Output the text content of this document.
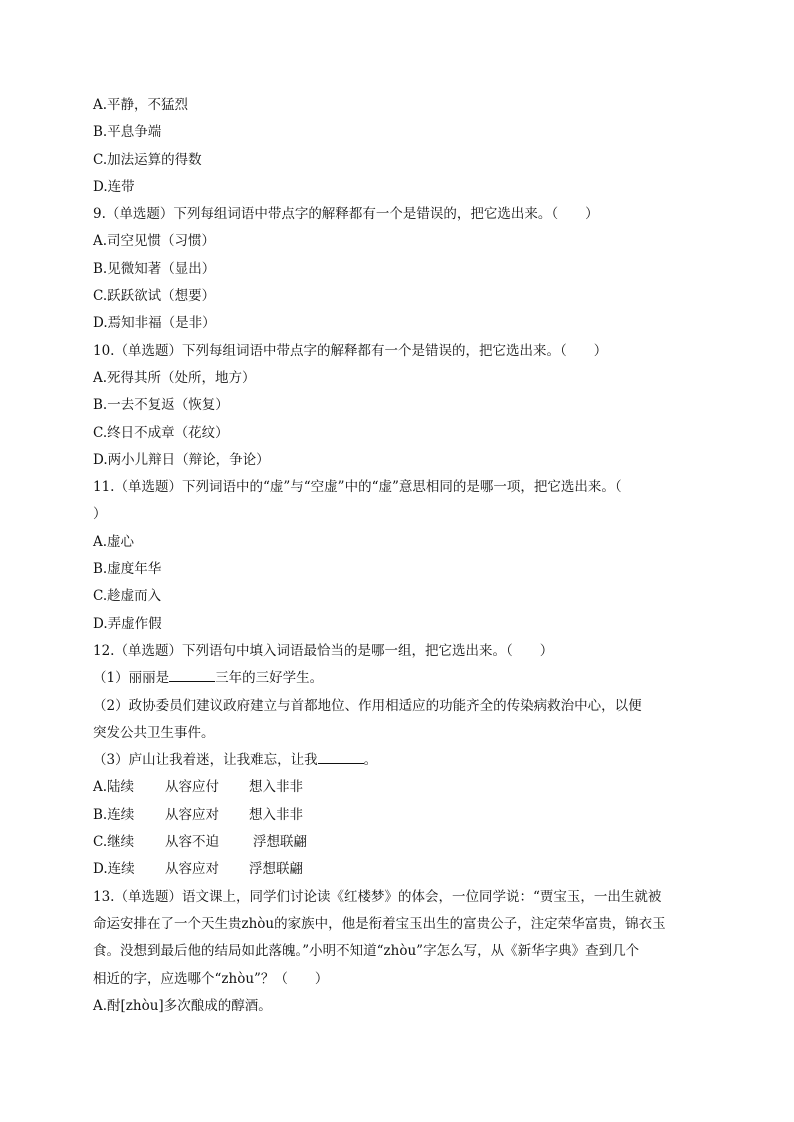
A.平静，不猛烈
B.平息争端
C.加法运算的得数
D.连带
9.（单选题）下列每组词语中带点字的解释都有一个是错误的，把它选出来。（　　）
A.司空见惯（习惯）
B.见微知著（显出）
C.跃跃欲试（想要）
D.焉知非福（是非）
10.（单选题）下列每组词语中带点字的解释都有一个是错误的，把它选出来。（　　）
A.死得其所（处所，地方）
B.一去不复返（恢复）
C.终日不成章（花纹）
D.两小儿辩日（辩论，争论）
11.（单选题）下列词语中的“虚”与“空虚”中的“虚”意思相同的是哪一项，把它选出来。（
）
A.虚心
B.虚度年华
C.趁虚而入
D.弄虚作假
12.（单选题）下列语句中填入词语最恰当的是哪一组，把它选出来。（　　）
（1）丽丽是	三年的三好学生。
（2）政协委员们建议政府建立与首都地位、作用相适应的功能齐全的传染病救治中心，以便
突发公共卫生事件。
（3）庐山让我着迷，让我难忘，让我	。
A.陆续 从容应付 想入非非
B.连续 从容应对 想入非非
C.继续 从容不迫	浮想联翩
D.连续 从容应对 浮想联翩
13.（单选题）语文课上，同学们讨论读《红楼梦》的体会，一位同学说：“贾宝玉，一出生就被
命运安排在了一个天生贵zhòu的家族中，他是衔着宝玉出生的富贵公子，注定荣华富贵，锦衣玉
食。没想到最后他的结局如此落魄。”小明不知道“zhòu”字怎么写，从《新华字典》查到几个
相近的字，应选哪个“zhòu”？（　　）
A.酎[zhòu]多次酿成的醇酒。
